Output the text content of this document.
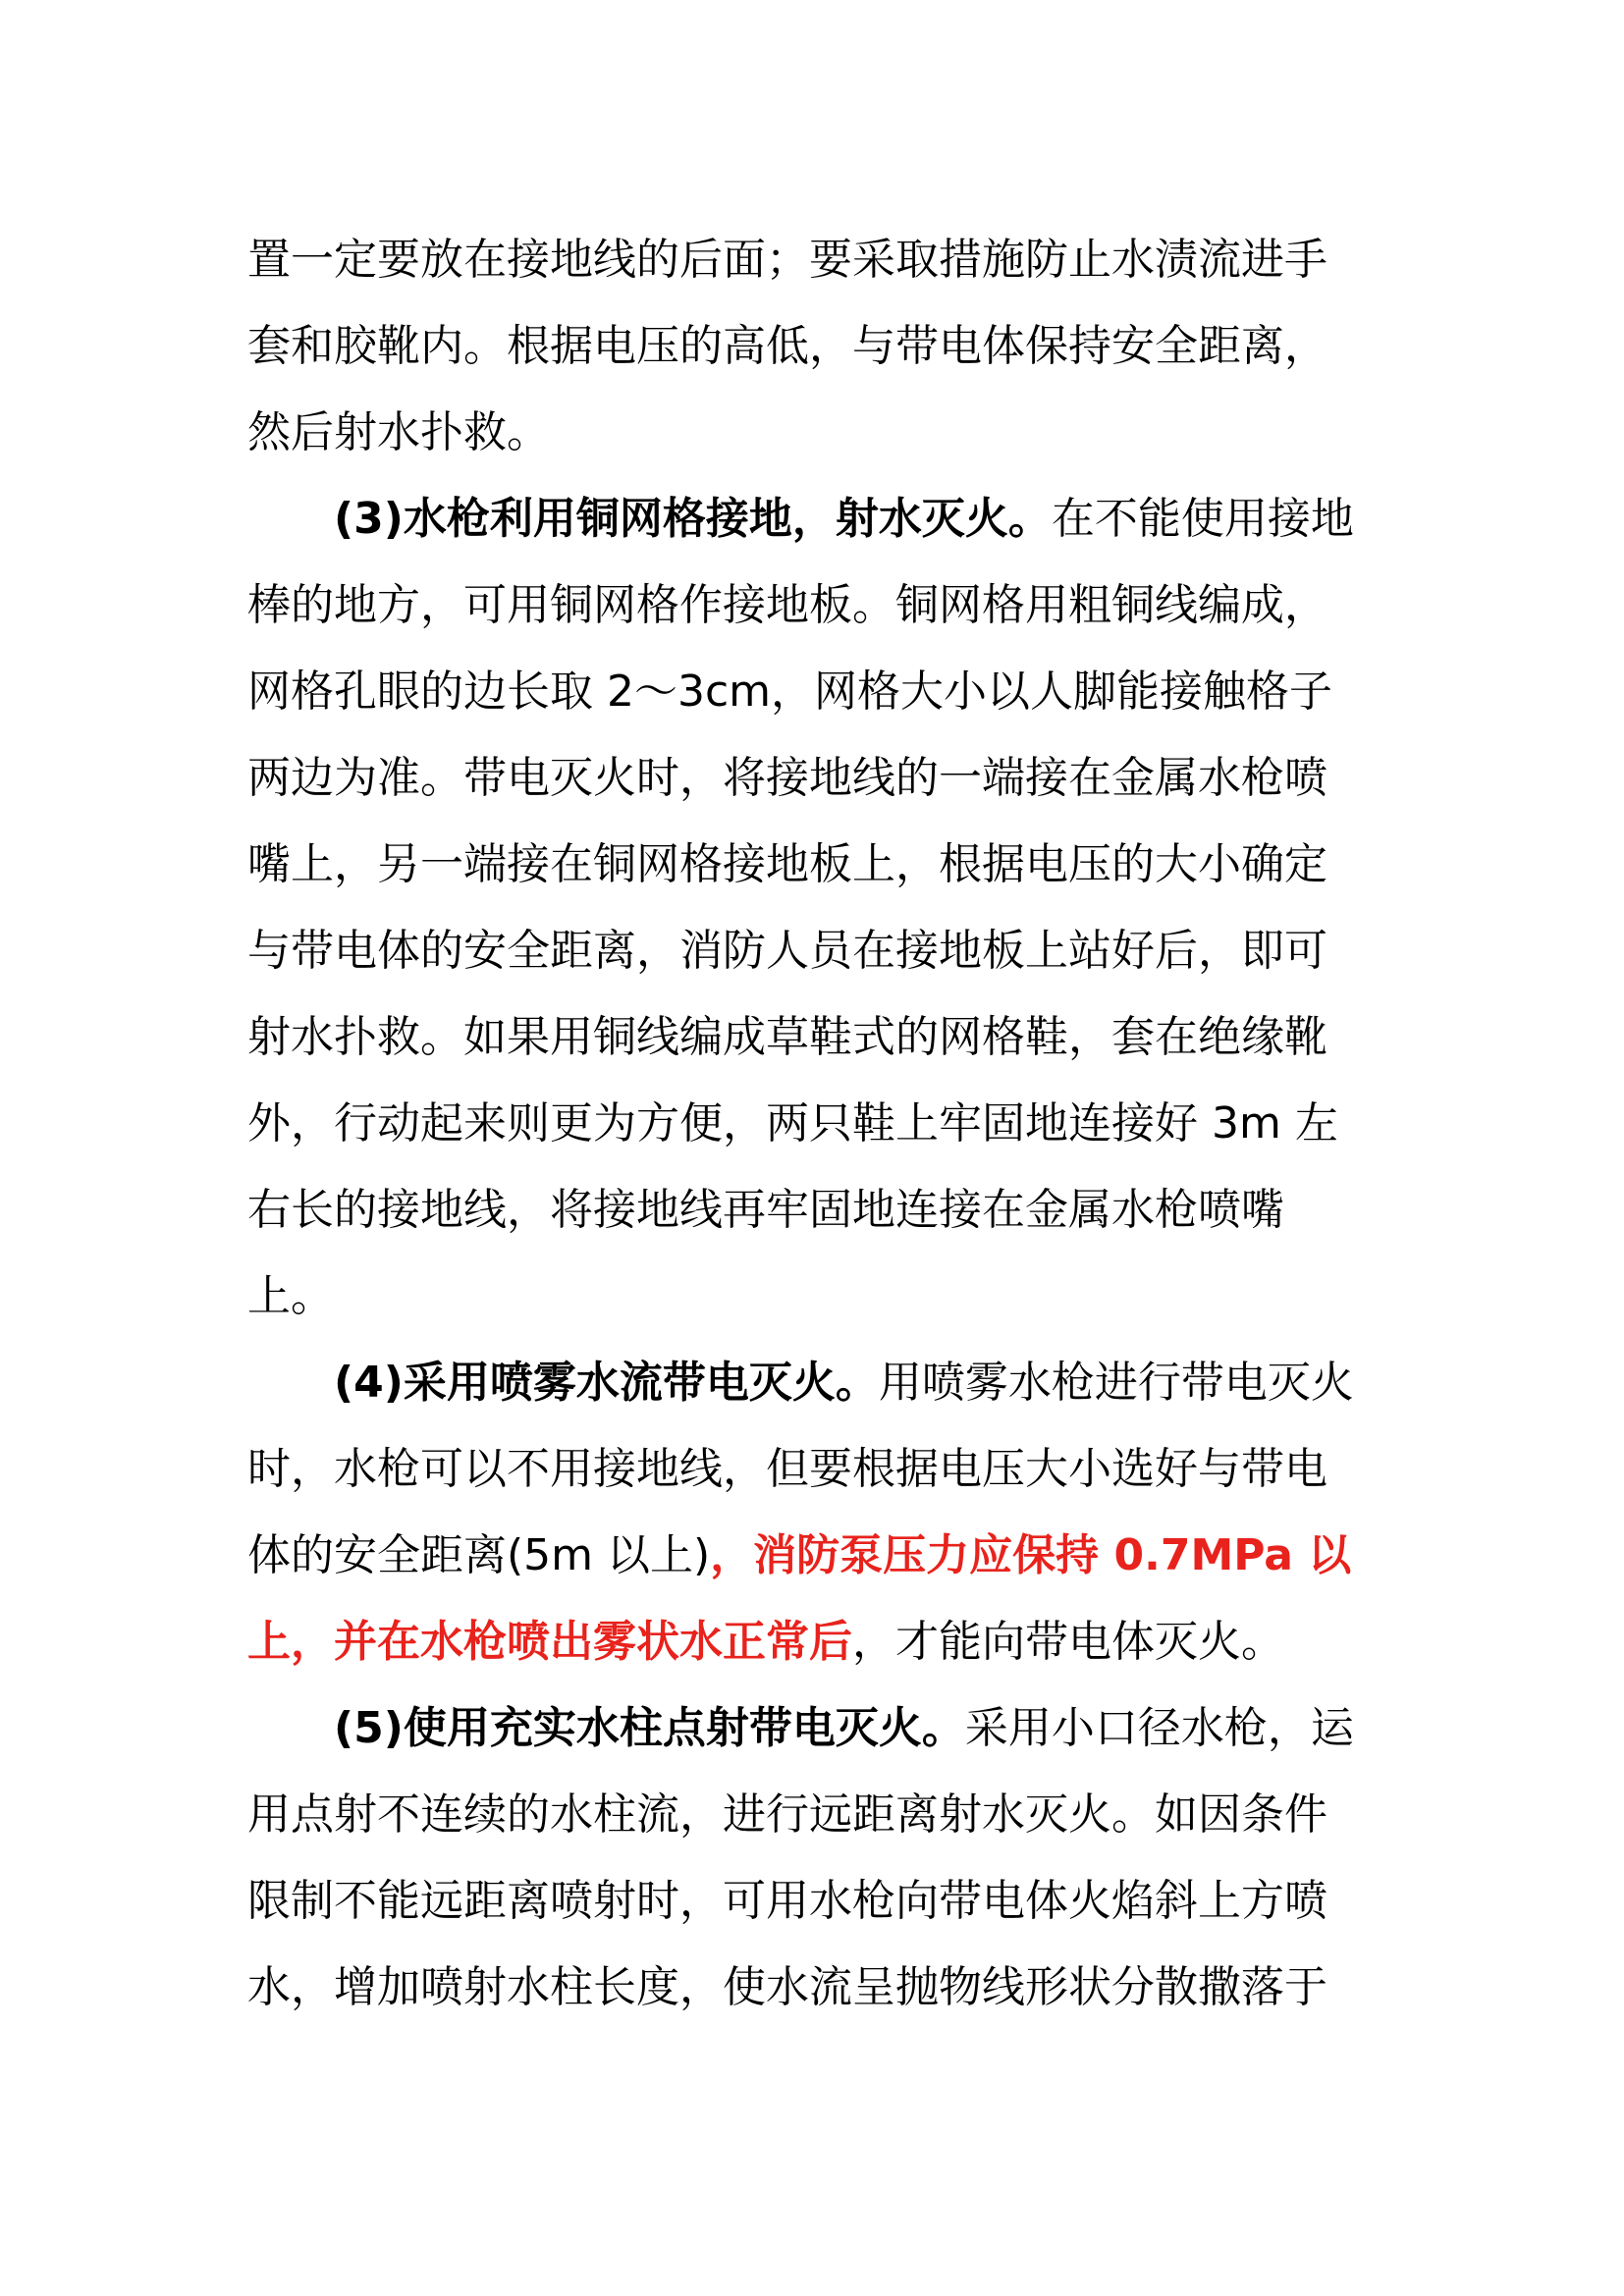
置一定要放在接地线的后面；要采取措施防止水渍流进手
套和胶靴内。根据电压的高低，与带电体保持安全距离，
然后射水扑救。
(3)水枪利用铜网格接地，射水灭火。在不能使用接地
棒的地方，可用铜网格作接地板。铜网格用粗铜线编成，
网格孔眼的边长取 2～3cm，网格大小以人脚能接触格子
两边为准。带电灭火时，将接地线的一端接在金属水枪喷
嘴上，另一端接在铜网格接地板上，根据电压的大小确定
与带电体的安全距离，消防人员在接地板上站好后，即可
射水扑救。如果用铜线编成草鞋式的网格鞋，套在绝缘靴
外，行动起来则更为方便，两只鞋上牢固地连接好 3m 左
右长的接地线，将接地线再牢固地连接在金属水枪喷嘴
上。
(4)采用喷雾水流带电灭火。用喷雾水枪进行带电灭火
时，水枪可以不用接地线，但要根据电压大小选好与带电
体的安全距离(5m 以上)，消防泵压力应保持 0.7MPa 以
上，并在水枪喷出雾状水正常后，才能向带电体灭火。
(5)使用充实水柱点射带电灭火。采用小口径水枪，运
用点射不连续的水柱流，进行远距离射水灭火。如因条件
限制不能远距离喷射时，可用水枪向带电体火焰斜上方喷
水，增加喷射水柱长度，使水流呈抛物线形状分散撒落于
